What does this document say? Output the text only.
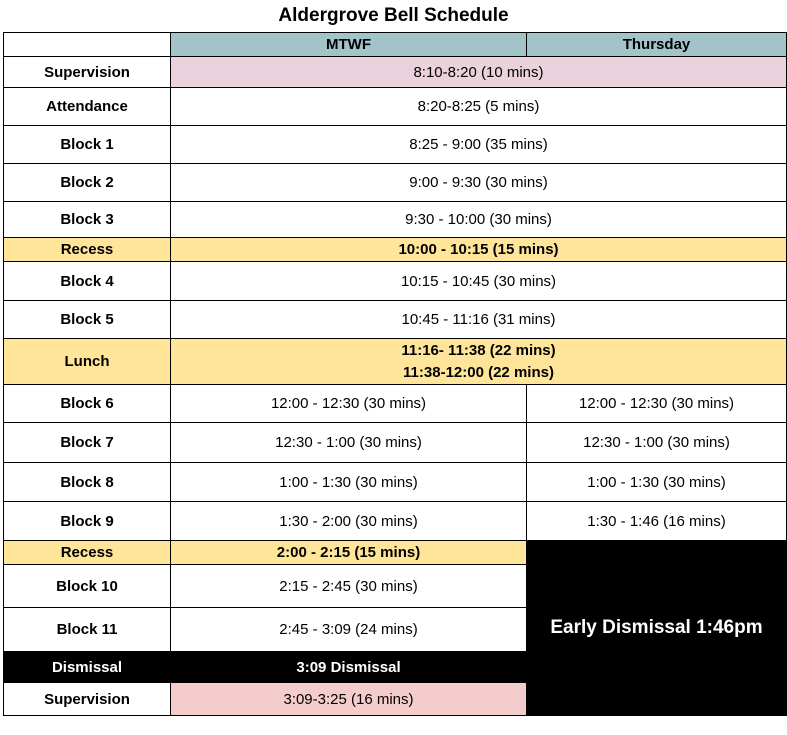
Aldergrove Bell Schedule
	MTWF	Thursday
Supervision	8:10-8:20 (10 mins)	
Attendance	8:20-8:25 (5 mins)	
Block 1	8:25 - 9:00 (35 mins)	
Block 2	9:00 - 9:30 (30 mins)	
Block 3	9:30 - 10:00 (30 mins)	
Recess	10:00 - 10:15 (15 mins)	
Block 4	10:15 - 10:45 (30 mins)	
Block 5	10:45 - 11:16 (31 mins)	
Lunch	11:16- 11:38 (22 mins)
11:38-12:00 (22 mins)	

Block 6	12:00 - 12:30 (30 mins)	12:00 - 12:30 (30 mins)
Block 7	12:30 - 1:00 (30 mins)	12:30 - 1:00 (30 mins)
Block 8	1:00 - 1:30 (30 mins)	1:00 - 1:30 (30 mins)
Block 9	1:30 - 2:00 (30 mins)	1:30 - 1:46 (16 mins)
Recess	2:00 - 2:15 (15 mins)	Early Dismissal 1:46pm
Block 10	2:15 - 2:45 (30 mins)	
Block 11	2:45 - 3:09 (24 mins)	
Dismissal	3:09 Dismissal	
Supervision	3:09-3:25 (16 mins)	
